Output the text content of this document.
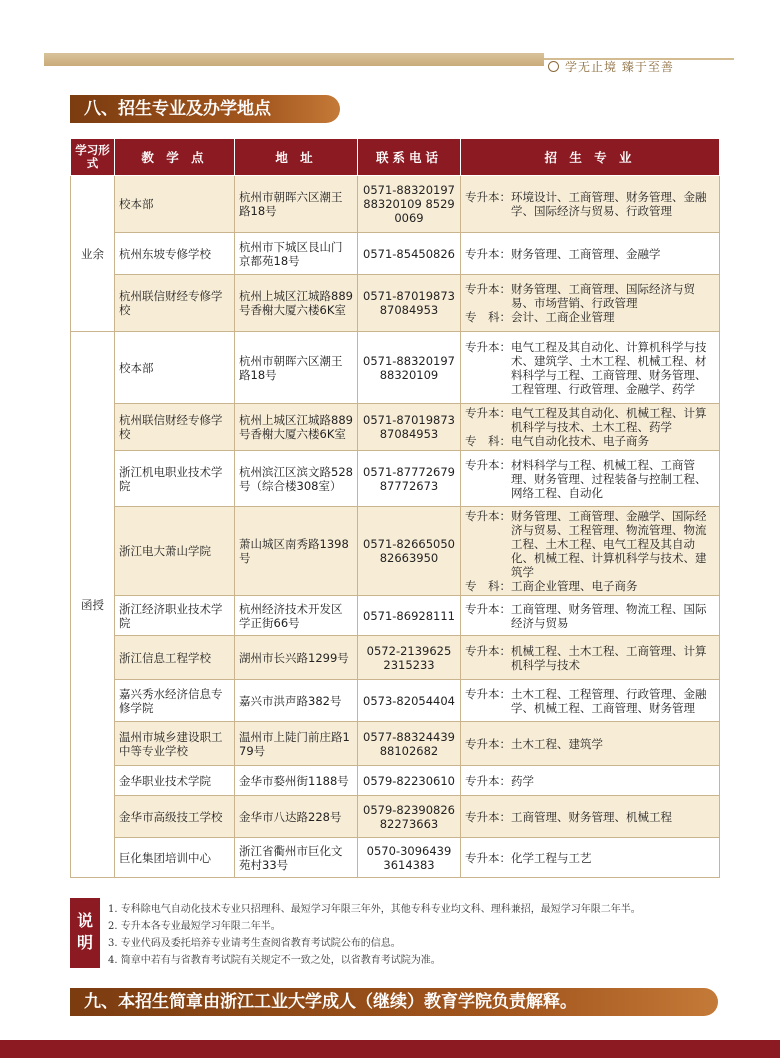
学无止境 臻于至善
八、招生专业及办学地点
学习形式	教 学 点	地 址	联系电话	招 生 专 业
业余	校本部	杭州市朝晖六区潮王路18号	0571-88320197 88320109 85290069	专升本： 环境设计、工商管理、财务管理、金融学、国际经济与贸易、行政管理

	杭州东坡专修学校	杭州市下城区艮山门京都苑18号	0571-85450826	专升本： 财务管理、工商管理、金融学

	杭州联信财经专修学校	杭州上城区江城路889号香榭大厦六楼6K室	0571-87019873 87084953	专升本： 财务管理、工商管理、国际经济与贸易、市场营销、行政管理
专　科： 会计、工商企业管理

函授	校本部	杭州市朝晖六区潮王路18号	0571-88320197 88320109	专升本： 电气工程及其自动化、计算机科学与技术、建筑学、土木工程、机械工程、材料科学与工程、工商管理、财务管理、工程管理、行政管理、金融学、药学

	杭州联信财经专修学校	杭州上城区江城路889号香榭大厦六楼6K室	0571-87019873 87084953	专升本： 电气工程及其自动化、机械工程、计算机科学与技术、土木工程、药学
专　科： 电气自动化技术、电子商务

	浙江机电职业技术学院	杭州滨江区滨文路528号（综合楼308室）	0571-87772679 87772673	专升本： 材料科学与工程、机械工程、工商管理、财务管理、过程装备与控制工程、网络工程、自动化

	浙江电大萧山学院	萧山城区南秀路1398号	0571-82665050 82663950	专升本： 财务管理、工商管理、金融学、国际经济与贸易、工程管理、物流管理、物流工程、土木工程、电气工程及其自动化、机械工程、计算机科学与技术、建筑学
专　科： 工商企业管理、电子商务

	浙江经济职业技术学院	杭州经济技术开发区学正街66号	0571-86928111	专升本： 工商管理、财务管理、物流工程、国际经济与贸易

	浙江信息工程学校	湖州市长兴路1299号	0572-2139625 2315233	专升本： 机械工程、土木工程、工商管理、计算机科学与技术

	嘉兴秀水经济信息专修学院	嘉兴市洪声路382号	0573-82054404	专升本： 土木工程、工程管理、行政管理、金融学、机械工程、工商管理、财务管理

	温州市城乡建设职工中等专业学校	温州市上陡门前庄路179号	0577-88324439 88102682	专升本： 土木工程、建筑学

	金华职业技术学院	金华市婺州街1188号	0579-82230610	专升本： 药学

	金华市高级技工学校	金华市八达路228号	0579-82390826 82273663	专升本： 工商管理、财务管理、机械工程

	巨化集团培训中心	浙江省衢州市巨化文苑村33号	0570-3096439 3614383	专升本： 化学工程与工艺
说明
1. 专科除电气自动化技术专业只招理科、最短学习年限三年外，其他专科专业均文科、理科兼招，最短学习年限二年半。
2. 专升本各专业最短学习年限二年半。
3. 专业代码及委托培养专业请考生查阅省教育考试院公布的信息。
4. 简章中若有与省教育考试院有关规定不一致之处，以省教育考试院为准。
九、本招生简章由浙江工业大学成人（继续）教育学院负责解释。
